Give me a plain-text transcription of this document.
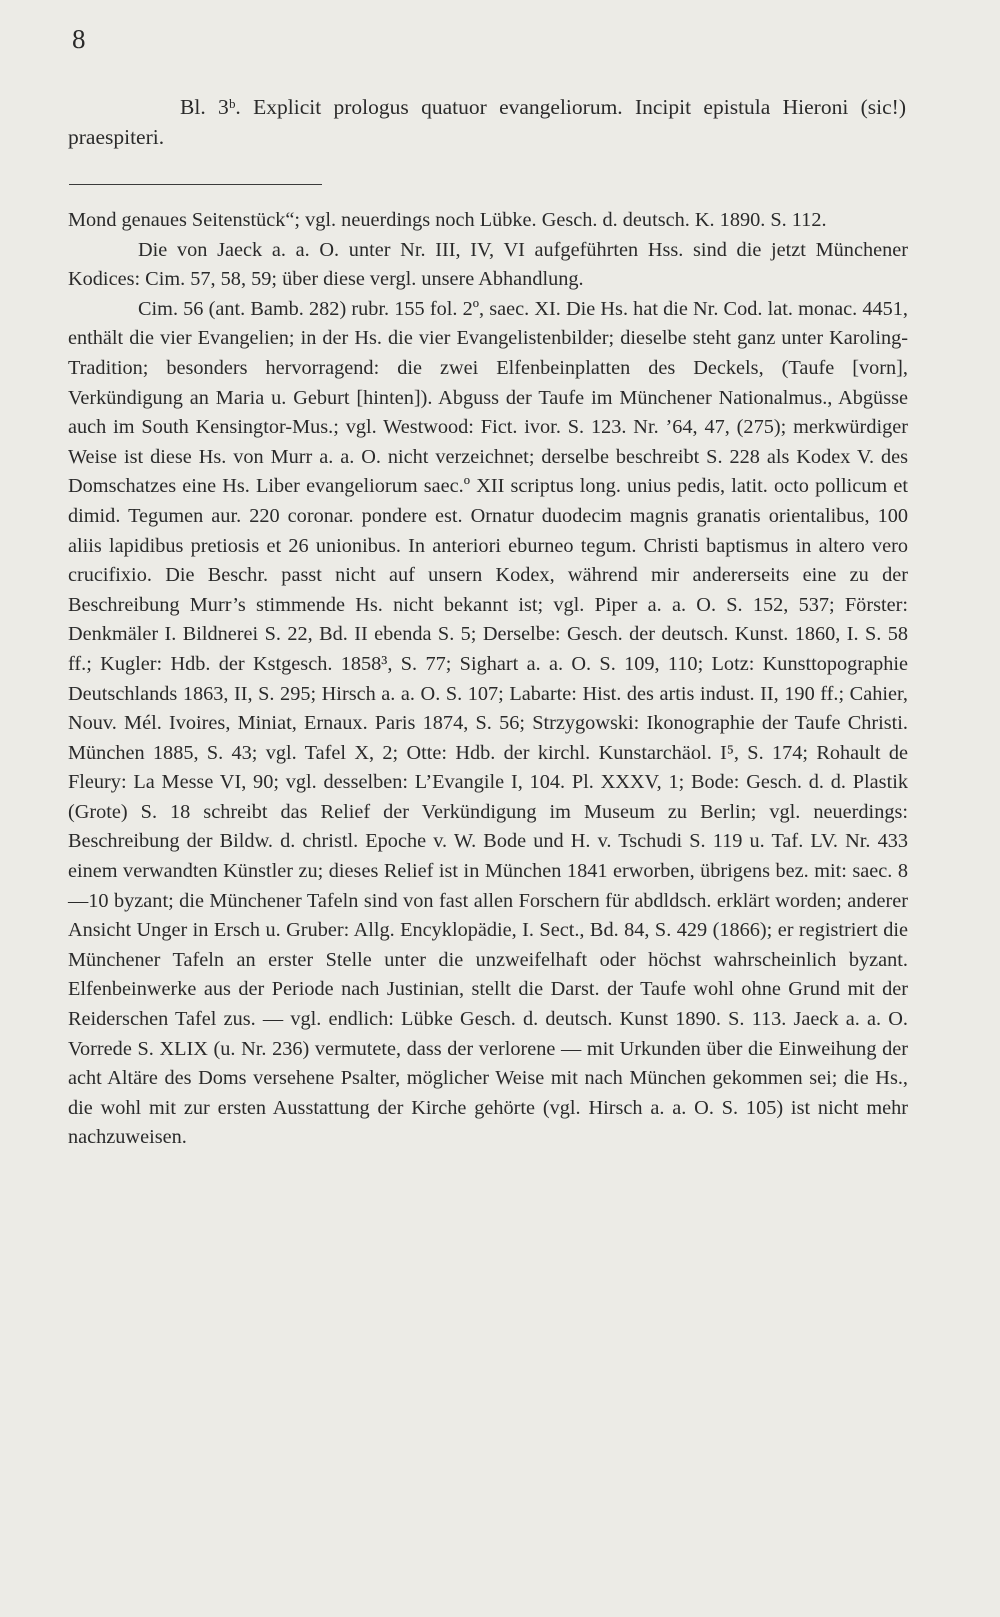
8

Bl. 3ᵇ. Explicit prologus quatuor evangeliorum. Incipit epistula Hieroni (sic!) praespiteri.

Mond genaues Seitenstück“; vgl. neuerdings noch Lübke. Gesch. d. deutsch. K. 1890. S. 112.

Die von Jaeck a. a. O. unter Nr. III, IV, VI aufgeführten Hss. sind die jetzt Münchener Kodices: Cim. 57, 58, 59; über diese vergl. unsere Abhandlung.

Cim. 56 (ant. Bamb. 282) rubr. 155 fol. 2º, saec. XI. Die Hs. hat die Nr. Cod. lat. monac. 4451, enthält die vier Evangelien; in der Hs. die vier Evangelistenbilder; dieselbe steht ganz unter Karoling-Tradition; besonders hervorragend: die zwei Elfenbeinplatten des Deckels, (Taufe [vorn], Verkündigung an Maria u. Geburt [hinten]). Abguss der Taufe im Münchener Nationalmus., Abgüsse auch im South Kensingtor-Mus.; vgl. Westwood: Fict. ivor. S. 123. Nr. ’64, 47, (275); merkwürdiger Weise ist diese Hs. von Murr a. a. O. nicht verzeichnet; derselbe beschreibt S. 228 als Kodex V. des Domschatzes eine Hs. Liber evangeliorum saec.º XII scriptus long. unius pedis, latit. octo pollicum et dimid. Tegumen aur. 220 coronar. pondere est. Ornatur duodecim magnis granatis orientalibus, 100 aliis lapidibus pretiosis et 26 unionibus. In anteriori eburneo tegum. Christi baptismus in altero vero crucifixio. Die Beschr. passt nicht auf unsern Kodex, während mir andererseits eine zu der Beschreibung Murr’s stimmende Hs. nicht bekannt ist; vgl. Piper a. a. O. S. 152, 537; Förster: Denkmäler I. Bildnerei S. 22, Bd. II ebenda S. 5; Derselbe: Gesch. der deutsch. Kunst. 1860, I. S. 58 ff.; Kugler: Hdb. der Kstgesch. 1858³, S. 77; Sighart a. a. O. S. 109, 110; Lotz: Kunsttopographie Deutschlands 1863, II, S. 295; Hirsch a. a. O. S. 107; Labarte: Hist. des artis indust. II, 190 ff.; Cahier, Nouv. Mél. Ivoires, Miniat, Ernaux. Paris 1874, S. 56; Strzygowski: Ikonographie der Taufe Christi. München 1885, S. 43; vgl. Tafel X, 2; Otte: Hdb. der kirchl. Kunstarchäol. I⁵, S. 174; Rohault de Fleury: La Messe VI, 90; vgl. desselben: L’Evangile I, 104. Pl. XXXV, 1; Bode: Gesch. d. d. Plastik (Grote) S. 18 schreibt das Relief der Verkündigung im Museum zu Berlin; vgl. neuerdings: Beschreibung der Bildw. d. christl. Epoche v. W. Bode und H. v. Tschudi S. 119 u. Taf. LV. Nr. 433 einem verwandten Künstler zu; dieses Relief ist in München 1841 erworben, übrigens bez. mit: saec. 8—10 byzant; die Münchener Tafeln sind von fast allen Forschern für abdldsch. erklärt worden; anderer Ansicht Unger in Ersch u. Gruber: Allg. Encyklopädie, I. Sect., Bd. 84, S. 429 (1866); er registriert die Münchener Tafeln an erster Stelle unter die unzweifelhaft oder höchst wahrscheinlich byzant. Elfenbeinwerke aus der Periode nach Justinian, stellt die Darst. der Taufe wohl ohne Grund mit der Reiderschen Tafel zus. — vgl. endlich: Lübke Gesch. d. deutsch. Kunst 1890. S. 113. Jaeck a. a. O. Vorrede S. XLIX (u. Nr. 236) vermutete, dass der verlorene — mit Urkunden über die Einweihung der acht Altäre des Doms versehene Psalter, möglicher Weise mit nach München gekommen sei; die Hs., die wohl mit zur ersten Ausstattung der Kirche gehörte (vgl. Hirsch a. a. O. S. 105) ist nicht mehr nachzuweisen.
